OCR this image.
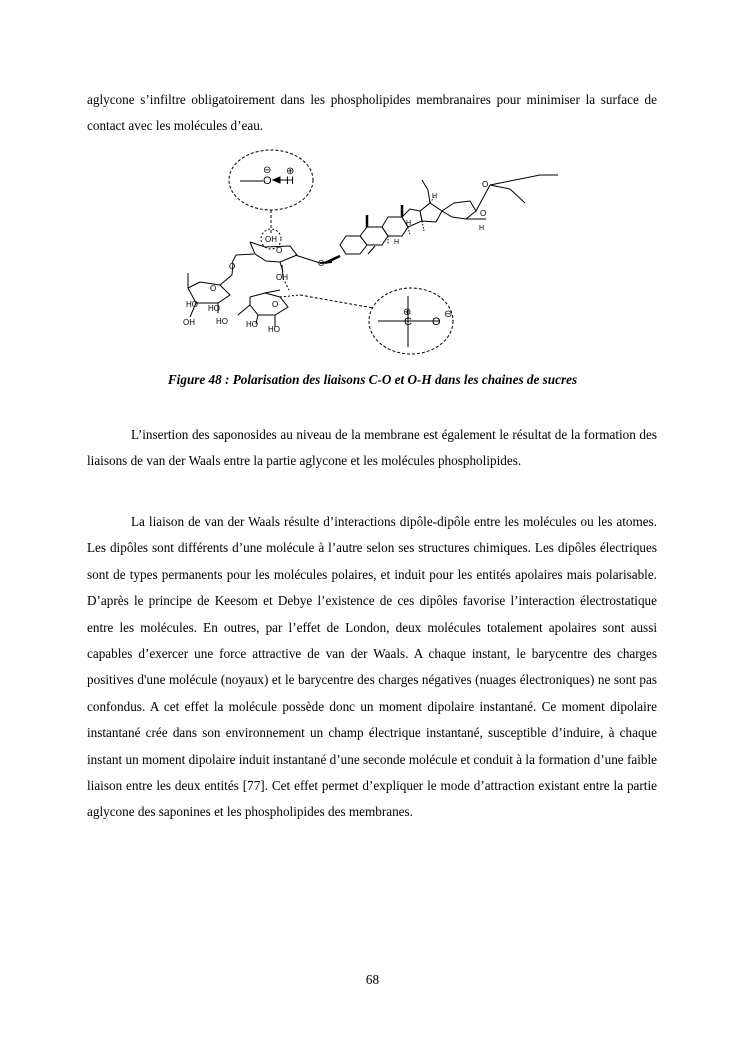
aglycone s’infiltre obligatoirement dans les phospholipides membranaires pour minimiser la surface de contact avec les molécules d’eau.

O H
⊖ ⊕
C O
⊕	⊖
OH
O
O
OH
O
O
HO HO
OH
O
HO HO
HO
H
H
H
H
O
O

Figure 48 : Polarisation des liaisons C-O et O-H dans les chaines de sucres

L’insertion des saponosides au niveau de la membrane est également le résultat de la formation des liaisons de van der Waals entre la partie aglycone et les molécules phospholipides.

La liaison de van der Waals résulte d’interactions dipôle-dipôle entre les molécules ou les atomes. Les dipôles sont différents d’une molécule à l’autre selon ses structures chimiques. Les dipôles électriques sont de types permanents pour les molécules polaires, et induit pour les entités apolaires mais polarisable. D’après le principe de Keesom et Debye l’existence de ces dipôles favorise l’interaction électrostatique entre les molécules. En outres, par l’effet de London, deux molécules totalement apolaires sont aussi capables d’exercer une force attractive de van der Waals. A chaque instant, le barycentre des charges positives d'une molécule (noyaux) et le barycentre des charges négatives (nuages électroniques) ne sont pas confondus. A cet effet la molécule possède donc un moment dipolaire instantané. Ce moment dipolaire instantané crée dans son environnement un champ électrique instantané, susceptible d’induire, à chaque instant un moment dipolaire induit instantané d’une seconde molécule et conduit à la formation d’une faible liaison entre les deux entités [77]. Cet effet permet d’expliquer le mode d’attraction existant entre la partie aglycone des saponines et les phospholipides des membranes.

68
